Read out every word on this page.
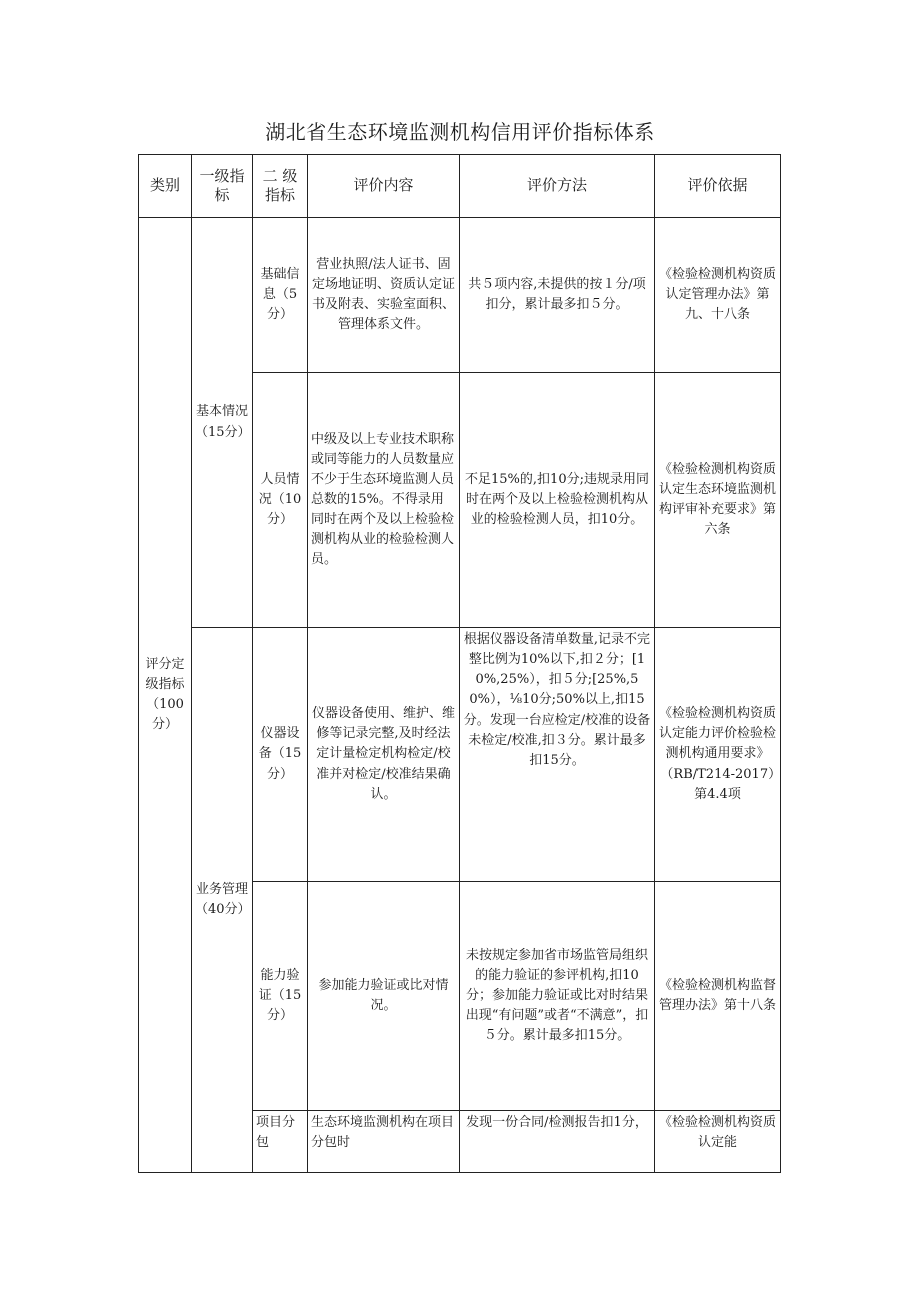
湖北省生态环境监测机构信用评价指标体系
类别	一级指标	二 级指标	评价内容	评价方法	评价依据
评分定级指标（100分）	基本情况（15分）	基础信息（5分）	营业执照/法人证书、固定场地证明、资质认定证书及附表、实验室面积、管理体系文件。	共５项内容,未提供的按１分/项扣分，累计最多扣５分。	《检验检测机构资质认定管理办法》第九、十八条
		人员情况（10分）	中级及以上专业技术职称或同等能力的人员数量应不少于生态环境监测人员总数的15%。不得录用同时在两个及以上检验检测机构从业的检验检测人员。	不足15%的,扣10分;违规录用同时在两个及以上检验检测机构从业的检验检测人员，扣10分。	《检验检测机构资质认定生态环境监测机构评审补充要求》第六条
	业务管理（40分）	仪器设备（15分）	仪器设备使用、维护、维修等记录完整,及时经法定计量检定机构检定/校准并对检定/校准结果确认。	根据仪器设备清单数量,记录不完整比例为10%以下,扣２分；[10%,25%），扣５分;[25%,50%），⅛10分;50%以上,扣15分。发现一台应检定/校准的设备未检定/校准,扣３分。累计最多扣15分。	《检验检测机构资质认定能力评价检验检测机构通用要求》（RB/T214-2017）第4.4项
		能力验证（15分）	参加能力验证或比对情况。	未按规定参加省市场监管局组织的能力验证的参评机构,扣10分；参加能力验证或比对时结果出现“有问题”或者“不满意”，扣５分。累计最多扣15分。	《检验检测机构监督管理办法》第十八条
		项目分包	生态环境监测机构在项目分包时	发现一份合同/检测报告扣1分，	《检验检测机构资质认定能
